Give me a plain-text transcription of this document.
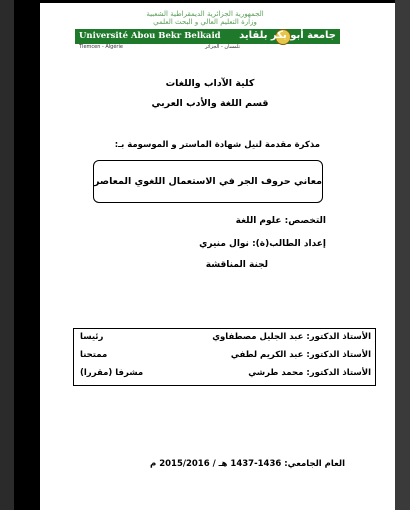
الجمهورية الجزائرية الديمقراطية الشعبية
وزارة التعليم العالي و البحث العلمي
Université Abou Bekr Belkaid جامعة أبو بكر بلقايد
Tlemcen - Algérie	تلمسان - الجزائر
كلية الآداب واللغات
قسم اللغة والأدب العربي
مذكرة مقدمة لنيل شهادة الماستر و الموسومة بـ:
معاني حروف الجر في الاستعمال اللغوي المعاصر
التخصص: علوم اللغة
إعداد الطالب(ة): نوال منيري
لجنة المناقشة
الأستاذ الدكتور: عبد الجليل مصطفاوي
رئيسا
الأستاذ الدكتور: عبد الكريم لطفي
ممتحنا
الأستاذ الدكتور: محمد طرشي
مشرفا (مقررا)
العام الجامعي: 1436-1437 هـ / 2015/2016 م
